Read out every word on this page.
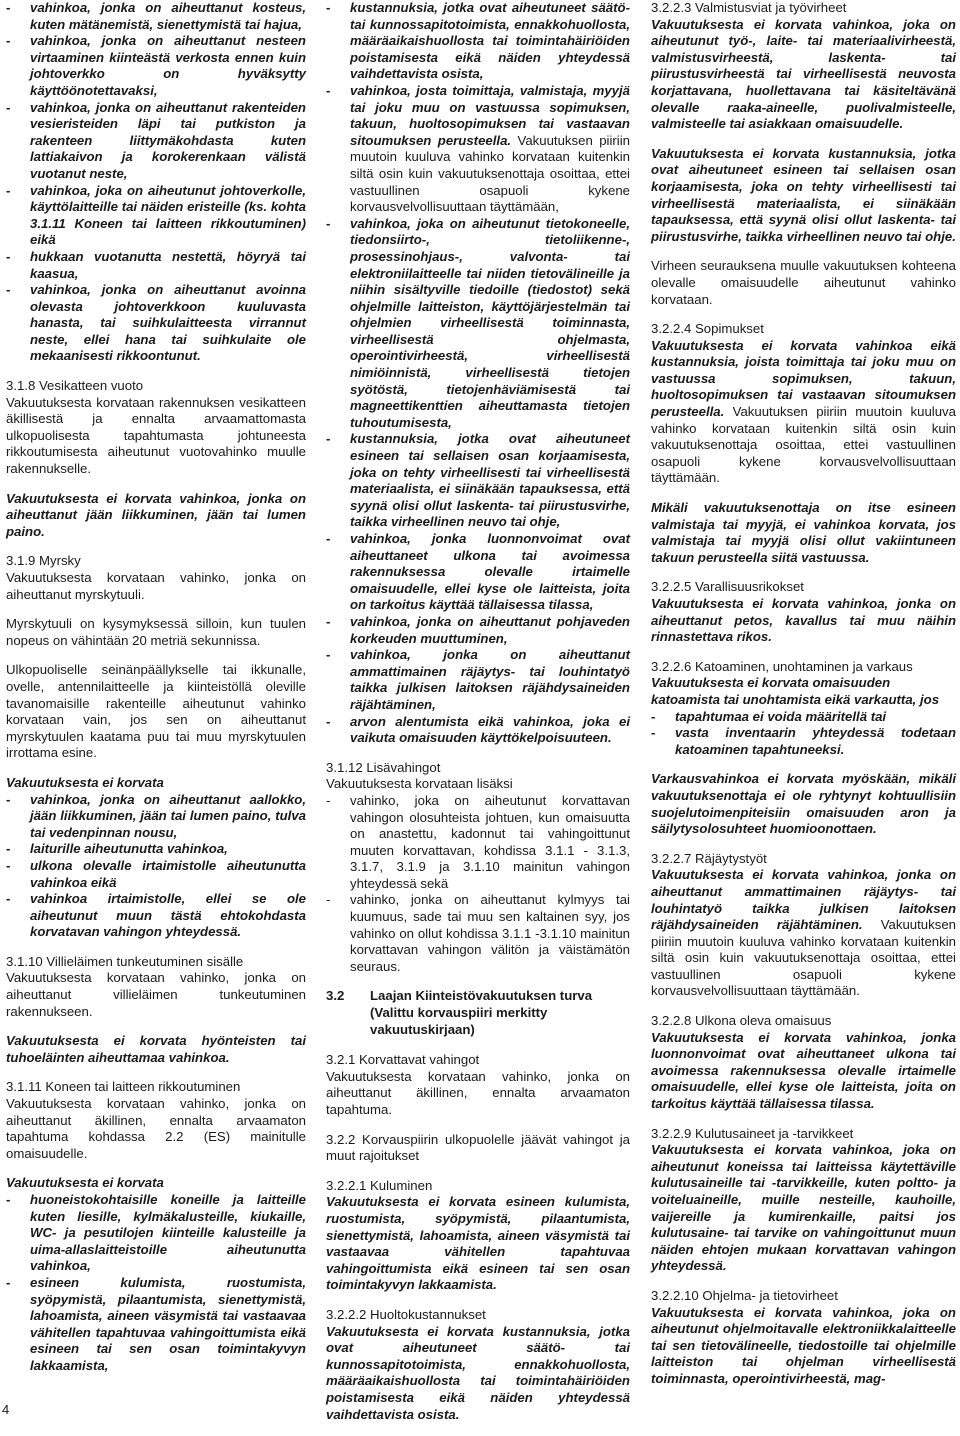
- vahinkoa, jonka on aiheuttanut kosteus, kuten mätänemistä, sienettymistä tai hajua,
- vahinkoa, jonka on aiheuttanut nesteen virtaaminen kiinteästä verkosta ennen kuin johtoverkko on hyväksytty käyttöönotettavaksi,
- vahinkoa, jonka on aiheuttanut rakenteiden vesieristeiden läpi tai putkiston ja rakenteen liittymäkohdasta kuten lattiakaivon ja korokerenkaan välistä vuotanut neste,
- vahinkoa, joka on aiheutunut johtoverkolle, käyttölaitteille tai näiden eristeille (ks. kohta 3.1.11 Koneen tai laitteen rikkoutuminen) eikä
- hukkaan vuotanutta nestettä, höyryä tai kaasua,
- vahinkoa, jonka on aiheuttanut avoinna olevasta johtoverkkoon kuuluvasta hanasta, tai suihkulaitteesta virrannut neste, ellei hana tai suihkulaite ole mekaanisesti rikkoontunut.
3.1.8 Vesikatteen vuoto
Vakuutuksesta korvataan rakennuksen vesikatteen äkillisestä ja ennalta arvaamattomasta ulkopuolisesta tapahtumasta johtuneesta rikkoutumisesta aiheutunut vuotovahinko muulle rakennukselle.
Vakuutuksesta ei korvata vahinkoa, jonka on aiheuttanut jään liikkuminen, jään tai lumen paino.
3.1.9 Myrsky
Vakuutuksesta korvataan vahinko, jonka on aiheuttanut myrskytuuli.
Myrskytuuli on kysymyksessä silloin, kun tuulen nopeus on vähintään 20 metriä sekunnissa.
Ulkopuoliselle seinänpäällykselle tai ikkunalle, ovelle, antennilaitteelle ja kiinteistöllä oleville tavanomaisille rakenteille aiheutunut vahinko korvataan vain, jos sen on aiheuttanut myrskytuulen kaatama puu tai muu myrskytuulen irrottama esine.
Vakuutuksesta ei korvata
- vahinkoa, jonka on aiheuttanut aallokko, jään liikkuminen, jään tai lumen paino, tulva tai vedenpinnan nousu,
- laiturille aiheutunutta vahinkoa,
- ulkona olevalle irtaimistolle aiheutunutta vahinkoa eikä
- vahinkoa irtaimistolle, ellei se ole aiheutunut muun tästä ehtokohdasta korvatavan vahingon yhteydessä.
3.1.10 Villieläimen tunkeutuminen sisälle
Vakuutuksesta korvataan vahinko, jonka on aiheuttanut villieläimen tunkeutuminen rakennukseen.
Vakuutuksesta ei korvata hyönteisten tai tuhoeläinten aiheuttamaa vahinkoa.
3.1.11 Koneen tai laitteen rikkoutuminen
Vakuutuksesta korvataan vahinko, jonka on aiheuttanut äkillinen, ennalta arvaamaton tapahtuma kohdassa 2.2 (ES) mainitulle omaisuudelle.
Vakuutuksesta ei korvata
- huoneistokohtaisille koneille ja laitteille kuten liesille, kylmäkalusteille, kiukaille, WC- ja pesutilojen kiinteille kalusteille ja uima-allaslaitteistoille aiheutunutta vahinkoa,
- esineen kulumista, ruostumista, syöpymistä, pilaantumista, sienettymistä, lahoamista, aineen väsymistä tai vastaavaa vähitellen tapahtuvaa vahingoittumista eikä esineen tai sen osan toimintakyvyn lakkaamista,
- kustannuksia, jotka ovat aiheutuneet säätö- tai kunnossapitotoimista, ennakkohuollosta, määräaikaishuollosta tai toimintahäiriöiden poistamisesta eikä näiden yhteydessä vaihdettavista osista,
- vahinkoa, josta toimittaja, valmistaja, myyjä tai joku muu on vastuussa sopimuksen, takuun, huoltosopimuksen tai vastaavan sitoumuksen perusteella. Vakuutuksen piiriin muutoin kuuluva vahinko korvataan kuitenkin siltä osin kuin vakuutuksenottaja osoittaa, ettei vastuullinen osapuoli kykene korvausvelvollisuuttaan täyttämään,
- vahinkoa, joka on aiheutunut tietokoneelle, tiedonsiirto-, tietoliikenne-, prosessinohjaus-, valvonta- tai elektroniilaitteelle tai niiden tietovälineille ja niihin sisältyville tiedoille (tiedostot) sekä ohjelmille laitteiston, käyttöjärjestelmän tai ohjelmien virheellisestä toiminnasta, virheellisestä ohjelmasta, operointivirheestä, virheellisestä nimiöinnistä, virheellisestä tietojen syötöstä, tietojenhäviämisestä tai magneettikenttien aiheuttamasta tietojen tuhoutumisesta,
- kustannuksia, jotka ovat aiheutuneet esineen tai sellaisen osan korjaamisesta, joka on tehty virheellisesti tai virheellisestä materiaalista, ei siinäkään tapauksessa, että syynä olisi ollut laskenta- tai piirustusvirhe, taikka virheellinen neuvo tai ohje,
- vahinkoa, jonka luonnonvoimat ovat aiheuttaneet ulkona tai avoimessa rakennuksessa olevalle irtaimelle omaisuudelle, ellei kyse ole laitteista, joita on tarkoitus käyttää tällaisessa tilassa,
- vahinkoa, jonka on aiheuttanut pohjaveden korkeuden muuttuminen,
- vahinkoa, jonka on aiheuttanut ammattimainen räjäytys- tai louhintatyö taikka julkisen laitoksen räjähdysaineiden räjähtäminen,
- arvon alentumista eikä vahinkoa, joka ei vaikuta omaisuuden käyttökelpoisuuteen.
3.1.12 Lisävahingot
Vakuutuksesta korvataan lisäksi
- vahinko, joka on aiheutunut korvattavan vahingon olosuhteista johtuen, kun omaisuutta on anastettu, kadonnut tai vahingoittunut muuten korvattavan, kohdissa 3.1.1 - 3.1.3, 3.1.7, 3.1.9 ja 3.1.10 mainitun vahingon yhteydessä sekä
- vahinko, jonka on aiheuttanut kylmyys tai kuumuus, sade tai muu sen kaltainen syy, jos vahinko on ollut kohdissa 3.1.1 -3.1.10 mainitun korvattavan vahingon välitön ja väistämätön seuraus.
3.2	Laajan Kiinteistövakuutuksen turva (Valittu korvauspiiri merkitty vakuutuskirjaan)
3.2.1 Korvattavat vahingot
Vakuutuksesta korvataan vahinko, jonka on aiheuttanut äkillinen, ennalta arvaamaton tapahtuma.
3.2.2 Korvauspiirin ulkopuolelle jäävät vahingot ja muut rajoitukset
3.2.2.1 Kuluminen
Vakuutuksesta ei korvata esineen kulumista, ruostumista, syöpymistä, pilaantumista, sienettymistä, lahoamista, aineen väsymistä tai vastaavaa vähitellen tapahtuvaa vahingoittumista eikä esineen tai sen osan toimintakyvyn lakkaamista.
3.2.2.2 Huoltokustannukset
Vakuutuksesta ei korvata kustannuksia, jotka ovat aiheutuneet säätö- tai kunnossapitotoimista, ennakkohuollosta, määräaikaishuollosta tai toimintahäiriöiden poistamisesta eikä näiden yhteydessä vaihdettavista osista.
3.2.2.3 Valmistusviat ja työvirheet
Vakuutuksesta ei korvata vahinkoa, joka on aiheutunut työ-, laite- tai materiaalivirheestä, valmistusvirheestä, laskenta- tai piirustusvirheestä tai virheellisestä neuvosta korjattavana, huollettavana tai käsiteltävänä olevalle raaka-aineelle, puolivalmisteelle, valmisteelle tai asiakkaan omaisuudelle.
Vakuutuksesta ei korvata kustannuksia, jotka ovat aiheutuneet esineen tai sellaisen osan korjaamisesta, joka on tehty virheellisesti tai virheellisestä materiaalista, ei siinäkään tapauksessa, että syynä olisi ollut laskenta- tai piirustusvirhe, taikka virheellinen neuvo tai ohje.
Virheen seurauksena muulle vakuutuksen kohteena olevalle omaisuudelle aiheutunut vahinko korvataan.
3.2.2.4 Sopimukset
Vakuutuksesta ei korvata vahinkoa eikä kustannuksia, joista toimittaja tai joku muu on vastuussa sopimuksen, takuun, huoltosopimuksen tai vastaavan sitoumuksen perusteella. Vakuutuksen piiriin muutoin kuuluva vahinko korvataan kuitenkin siltä osin kuin vakuutuksenottaja osoittaa, ettei vastuullinen osapuoli kykene korvausvelvollisuuttaan täyttämään.
Mikäli vakuutuksenottaja on itse esineen valmistaja tai myyjä, ei vahinkoa korvata, jos valmistaja tai myyjä olisi ollut vakiintuneen takuun perusteella siitä vastuussa.
3.2.2.5 Varallisuusrikokset
Vakuutuksesta ei korvata vahinkoa, jonka on aiheuttanut petos, kavallus tai muu näihin rinnastettava rikos.
3.2.2.6 Katoaminen, unohtaminen ja varkaus
Vakuutuksesta ei korvata omaisuuden katoamista tai unohtamista eikä varkautta, jos
- tapahtumaa ei voida määritellä tai
- vasta inventaarin yhteydessä todetaan katoaminen tapahtuneeksi.
Varkausvahinkoa ei korvata myöskään, mikäli vakuutuksenottaja ei ole ryhtynyt kohtuullisiin suojelutoimenpiteisiin omaisuuden aron ja säilytysolosuhteet huomioonottaen.
3.2.2.7 Räjäytystyöt
Vakuutuksesta ei korvata vahinkoa, jonka on aiheuttanut ammattimainen räjäytys- tai louhintatyö taikka julkisen laitoksen räjähdysaineiden räjähtäminen. Vakuutuksen piiriin muutoin kuuluva vahinko korvataan kuitenkin siltä osin kuin vakuutuksenottaja osoittaa, ettei vastuullinen osapuoli kykene korvausvelvollisuuttaan täyttämään.
3.2.2.8 Ulkona oleva omaisuus
Vakuutuksesta ei korvata vahinkoa, jonka luonnonvoimat ovat aiheuttaneet ulkona tai avoimessa rakennuksessa olevalle irtaimelle omaisuudelle, ellei kyse ole laitteista, joita on tarkoitus käyttää tällaisessa tilassa.
3.2.2.9 Kulutusaineet ja -tarvikkeet
Vakuutuksesta ei korvata vahinkoa, joka on aiheutunut koneissa tai laitteissa käytettäville kulutusaineille tai -tarvikkeille, kuten poltto- ja voiteluaineille, muille nesteille, kauhoille, vaijereille ja kumirenkaille, paitsi jos kulutusaine- tai tarvike on vahingoittunut muun näiden ehtojen mukaan korvattavan vahingon yhteydessä.
3.2.2.10 Ohjelma- ja tietovirheet
Vakuutuksesta ei korvata vahinkoa, joka on aiheutunut ohjelmoitavalle elektroniikkalaitteelle tai sen tietovälineelle, tiedostoille tai ohjelmille laitteiston tai ohjelman virheellisestä toiminnasta, operointivirheestä, mag-
4
